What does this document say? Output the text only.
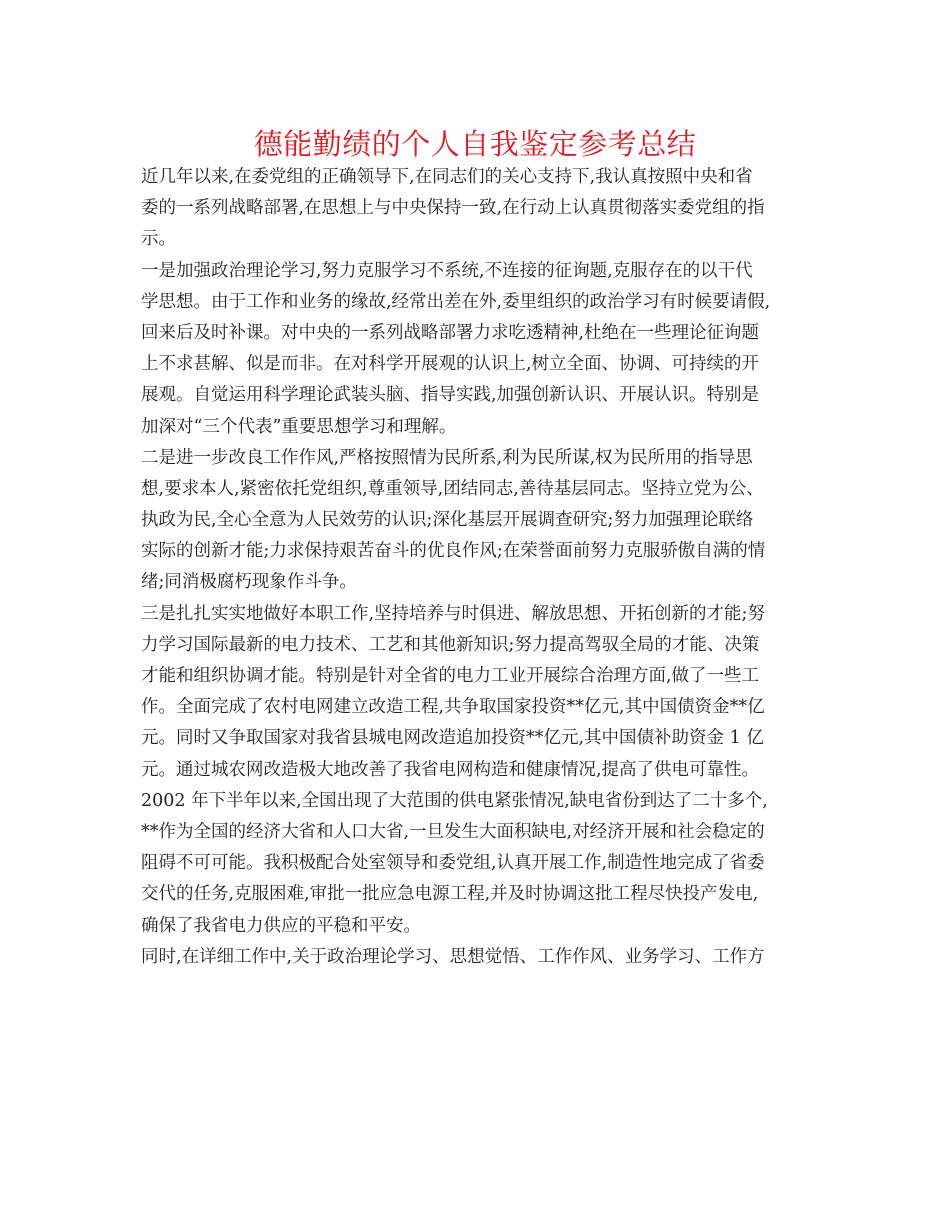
德能勤绩的个人自我鉴定参考总结
近几年以来,在委党组的正确领导下,在同志们的关心支持下,我认真按照中央和省
委的一系列战略部署,在思想上与中央保持一致,在行动上认真贯彻落实委党组的指
示。
一是加强政治理论学习,努力克服学习不系统,不连接的征询题,克服存在的以干代
学思想。由于工作和业务的缘故,经常出差在外,委里组织的政治学习有时候要请假,
回来后及时补课。对中央的一系列战略部署力求吃透精神,杜绝在一些理论征询题
上不求甚解、似是而非。在对科学开展观的认识上,树立全面、协调、可持续的开
展观。自觉运用科学理论武装头脑、指导实践,加强创新认识、开展认识。特别是
加深对“三个代表”重要思想学习和理解。
二是进一步改良工作作风,严格按照情为民所系,利为民所谋,权为民所用的指导思
想,要求本人,紧密依托党组织,尊重领导,团结同志,善待基层同志。坚持立党为公、
执政为民,全心全意为人民效劳的认识;深化基层开展调查研究;努力加强理论联络
实际的创新才能;力求保持艰苦奋斗的优良作风;在荣誉面前努力克服骄傲自满的情
绪;同消极腐朽现象作斗争。
三是扎扎实实地做好本职工作,坚持培养与时俱进、解放思想、开拓创新的才能;努
力学习国际最新的电力技术、工艺和其他新知识;努力提高驾驭全局的才能、决策
才能和组织协调才能。特别是针对全省的电力工业开展综合治理方面,做了一些工
作。全面完成了农村电网建立改造工程,共争取国家投资**亿元,其中国债资金**亿
元。同时又争取国家对我省县城电网改造追加投资**亿元,其中国债补助资金 1 亿
元。通过城农网改造极大地改善了我省电网构造和健康情况,提高了供电可靠性。
2002 年下半年以来,全国出现了大范围的供电紧张情况,缺电省份到达了二十多个,
**作为全国的经济大省和人口大省,一旦发生大面积缺电,对经济开展和社会稳定的
阻碍不可可能。我积极配合处室领导和委党组,认真开展工作,制造性地完成了省委
交代的任务,克服困难,审批一批应急电源工程,并及时协调这批工程尽快投产发电,
确保了我省电力供应的平稳和平安。
同时,在详细工作中,关于政治理论学习、思想觉悟、工作作风、业务学习、工作方
